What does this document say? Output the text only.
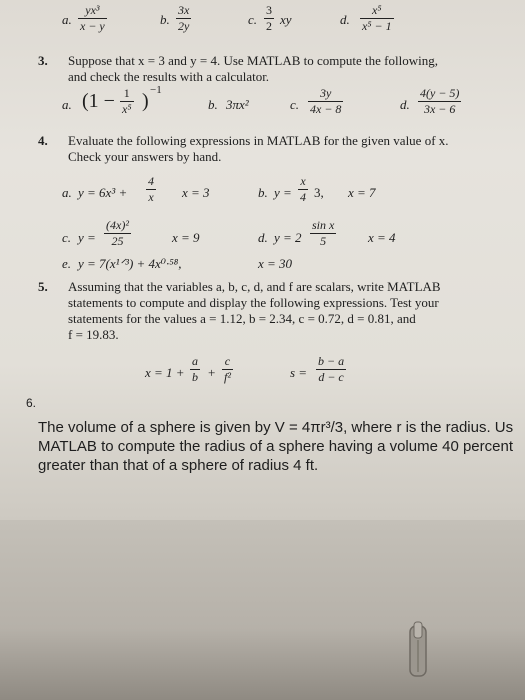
a. $\frac{\text{yx³}}{x - y}$	b. $\frac{3x}{2y}$	c. $\frac{3}{2}$ xy	d. $\frac{\text{x⁵}}{\text{x⁵ − 1}}$
3. Suppose that x = 3 and y = 4. Use MATLAB to compute the following,
and check the results with a calculator.
a. ($1 - \frac{1}{\text{x⁵}}$ ) −1
b. 3πx²	c. $\frac{3y}{4x - 8}$	d. $\frac{4(y - 5)}{3x - 6}$
4. Evaluate the following expressions in MATLAB for the given value of x.
Check your answers by hand.
a. $y = 6x^3 + \frac{4}{x}$ x = 3	b. $y = \frac{x}{4} 3$, x = 7
c. $y = \frac{\text{(4x)²}}{25}$	x = 9	d. $y = 2 \frac{\text{sin x}}{5}$ x = 4
e. y = 7(x¹ᐟ³) + 4x⁰·⁵⁸,	x = 30
5. Assuming that the variables a, b, c, d, and f are scalars, write MATLAB
statements to compute and display the following expressions. Test your
statements for the values a = 1.12, b = 2.34, c = 0.72, d = 0.81, and
f = 19.83.
$x = 1 + \frac{a}{b} + \frac{c}{\text{f²}}$	$s = \frac{b - a}{d - c}$
6.
The volume of a sphere is given by V = 4πr³/3, where r is the radius. Us
MATLAB to compute the radius of a sphere having a volume 40 percent
greater than that of a sphere of radius 4 ft.
